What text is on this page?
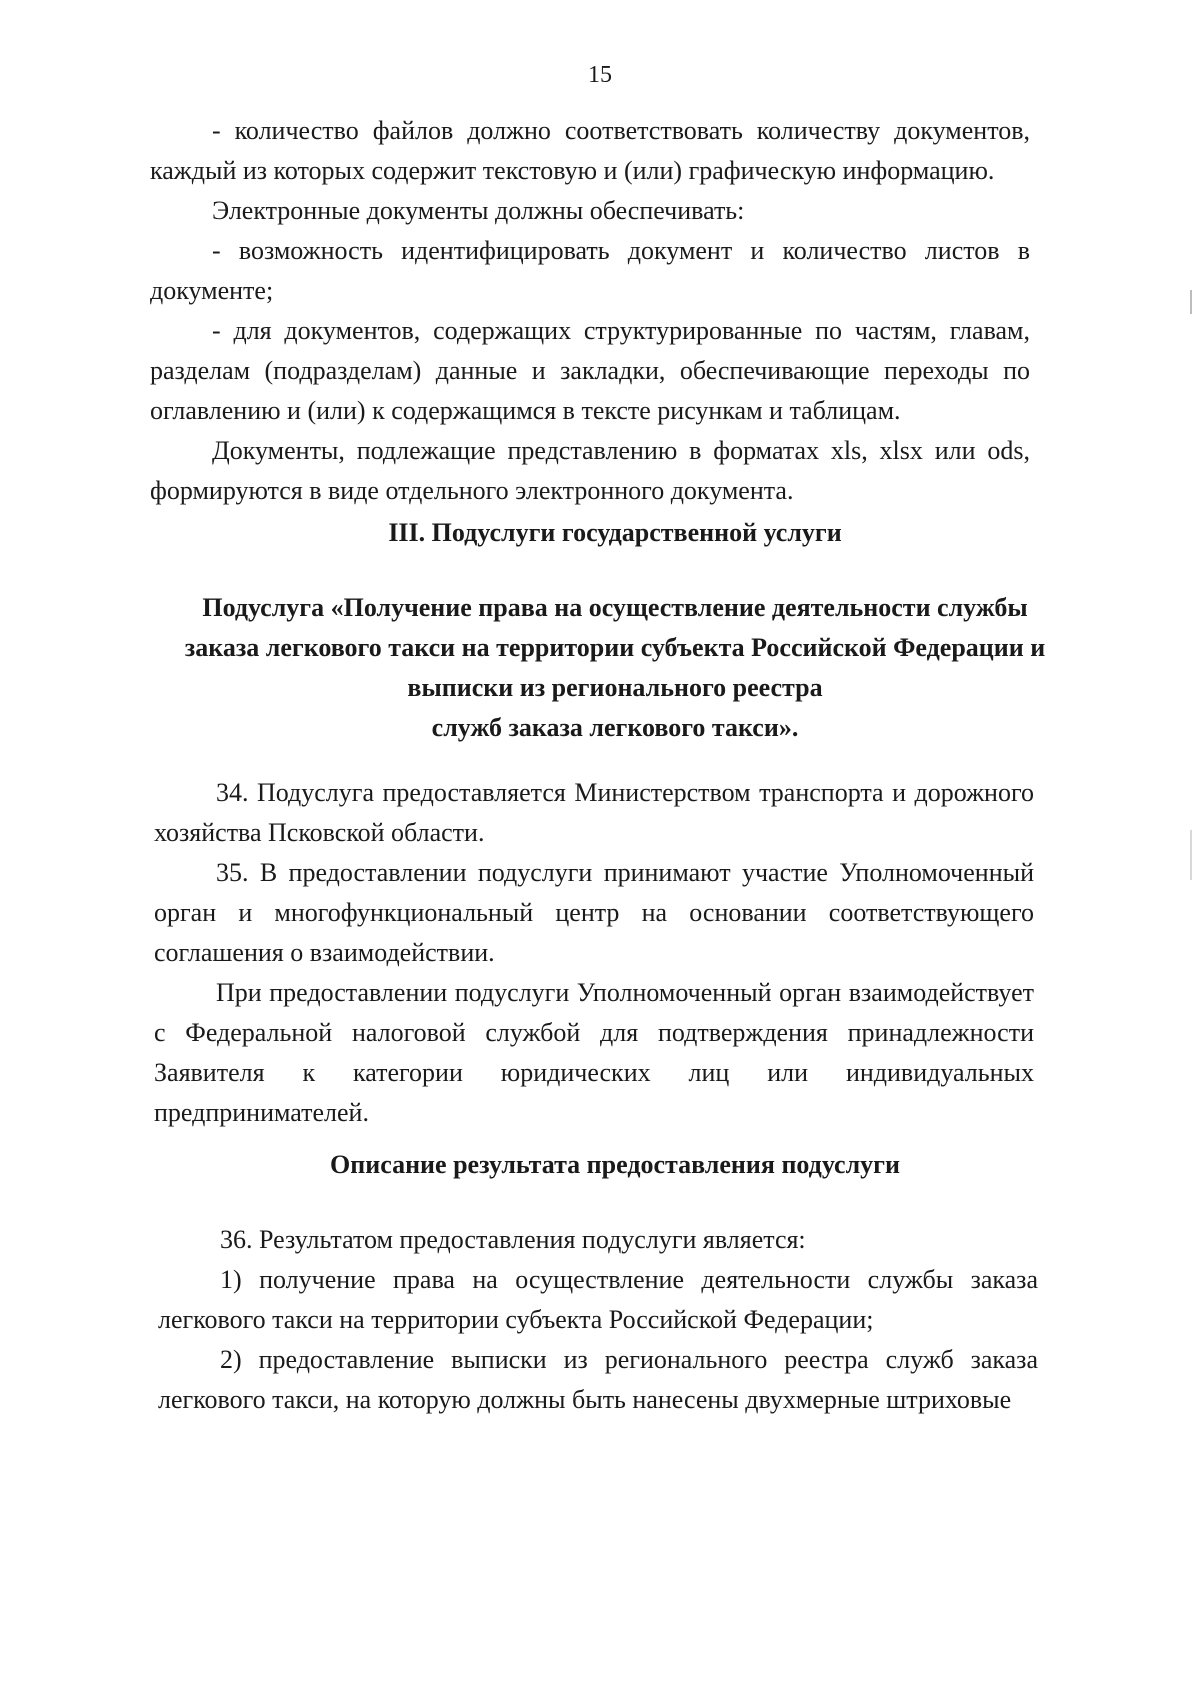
15

- количество файлов должно соответствовать количеству документов, каждый из которых содержит текстовую и (или) графическую информацию.

Электронные документы должны обеспечивать:

- возможность идентифицировать документ и количество листов в документе;

- для документов, содержащих структурированные по частям, главам, разделам (подразделам) данные и закладки, обеспечивающие переходы по оглавлению и (или) к содержащимся в тексте рисункам и таблицам.

Документы, подлежащие представлению в форматах xls, xlsx или ods, формируются в виде отдельного электронного документа.

III. Подуслуги государственной услуги
Подуслуга «Получение права на осуществление деятельности службы
заказа легкового такси на территории субъекта Российской Федерации и
выписки из регионального реестра
служб заказа легкового такси».

34. Подуслуга предоставляется Министерством транспорта и дорожного хозяйства Псковской области.

35. В предоставлении подуслуги принимают участие Уполномоченный орган и многофункциональный центр на основании соответствующего соглашения о взаимодействии.

При предоставлении подуслуги Уполномоченный орган взаимодействует с Федеральной налоговой службой для подтверждения принадлежности Заявителя к категории юридических лиц или индивидуальных предпринимателей.

Описание результата предоставления подуслуги

36. Результатом предоставления подуслуги является:

1) получение права на осуществление деятельности службы заказа легкового такси на территории субъекта Российской Федерации;

2) предоставление выписки из регионального реестра служб заказа легкового такси, на которую должны быть нанесены двухмерные штриховые
